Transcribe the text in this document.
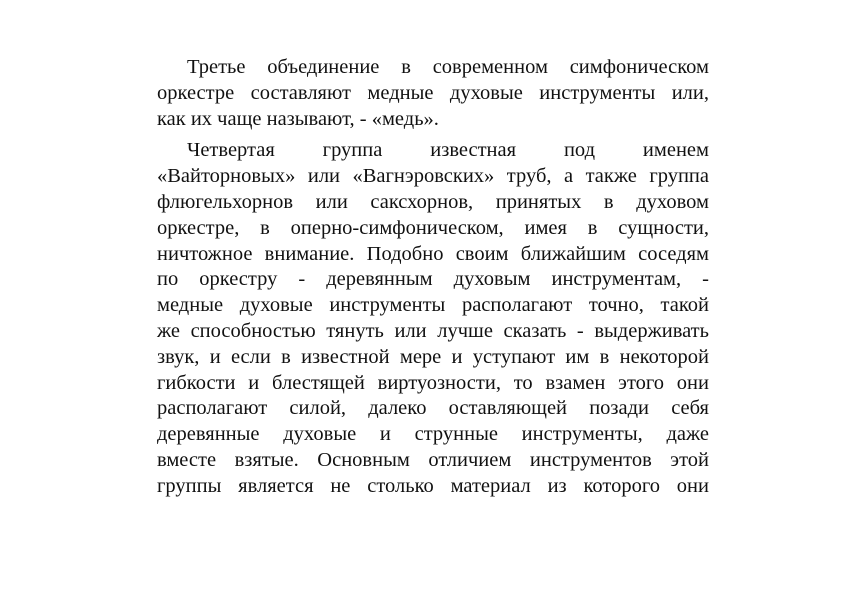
Третье объединение в современном симфоническом
оркестре составляют медные духовые инструменты или,
как их чаще называют, - «медь».
Четвертая группа известная под именем
«Вайторновых» или «Вагнэровских» труб, а также группа
флюгельхорнов или саксхорнов, принятых в духовом
оркестре, в оперно-симфоническом, имея в сущности,
ничтожное внимание. Подобно своим ближайшим соседям
по оркестру - деревянным духовым инструментам, -
медные духовые инструменты располагают точно, такой
же способностью тянуть или лучше сказать - выдерживать
звук, и если в известной мере и уступают им в некоторой
гибкости и блестящей виртуозности, то взамен этого они
располагают силой, далеко оставляющей позади себя
деревянные духовые и струнные инструменты, даже
вместе взятые. Основным отличием инструментов этой
группы является не столько материал из которого они
